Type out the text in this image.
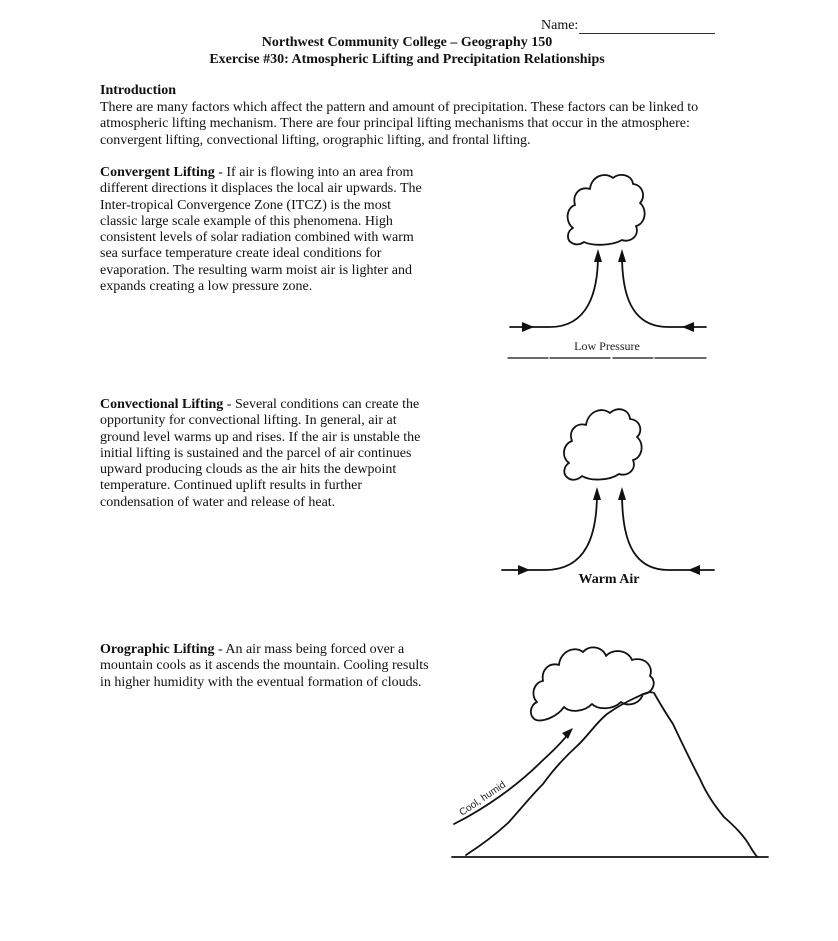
Name:
Northwest Community College – Geography 150
Exercise #30: Atmospheric Lifting and Precipitation Relationships
Introduction
There are many factors which affect the pattern and amount of precipitation. These factors can be linked to atmospheric lifting mechanism. There are four principal lifting mechanisms that occur in the atmosphere: convergent lifting, convectional lifting, orographic lifting, and frontal lifting.
Convergent Lifting - If air is flowing into an area from different directions it displaces the local air upwards. The Inter-tropical Convergence Zone (ITCZ) is the most classic large scale example of this phenomena. High consistent levels of solar radiation combined with warm sea surface temperature create ideal conditions for evaporation. The resulting warm moist air is lighter and expands creating a low pressure zone.
Convectional Lifting - Several conditions can create the opportunity for convectional lifting. In general, air at ground level warms up and rises. If the air is unstable the initial lifting is sustained and the parcel of air continues upward producing clouds as the air hits the dewpoint temperature. Continued uplift results in further condensation of water and release of heat.
Orographic Lifting - An air mass being forced over a mountain cools as it ascends the mountain. Cooling results in higher humidity with the eventual formation of clouds.
Low Pressure
Warm Air
Cool, humid
